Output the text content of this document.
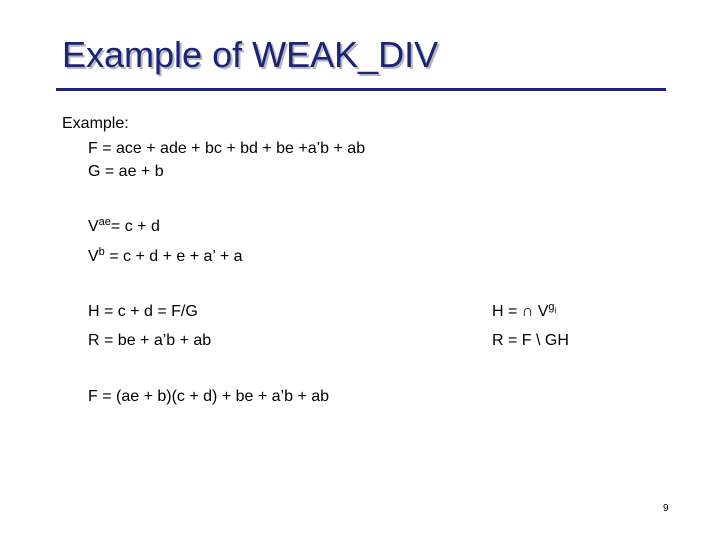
Example of WEAK_DIV
Example:
F = ace + ade + bc + bd + be +a’b + ab
G = ae + b
$V^{ae}= c + d$
$V^b = c + d + e + a$’ + a
H = c + d = F/G	H = ∩ $V^{g_i}$
R = be + a’b + ab	R = F \ GH
F = (ae + b)(c + d) + be + a’b + ab
9
